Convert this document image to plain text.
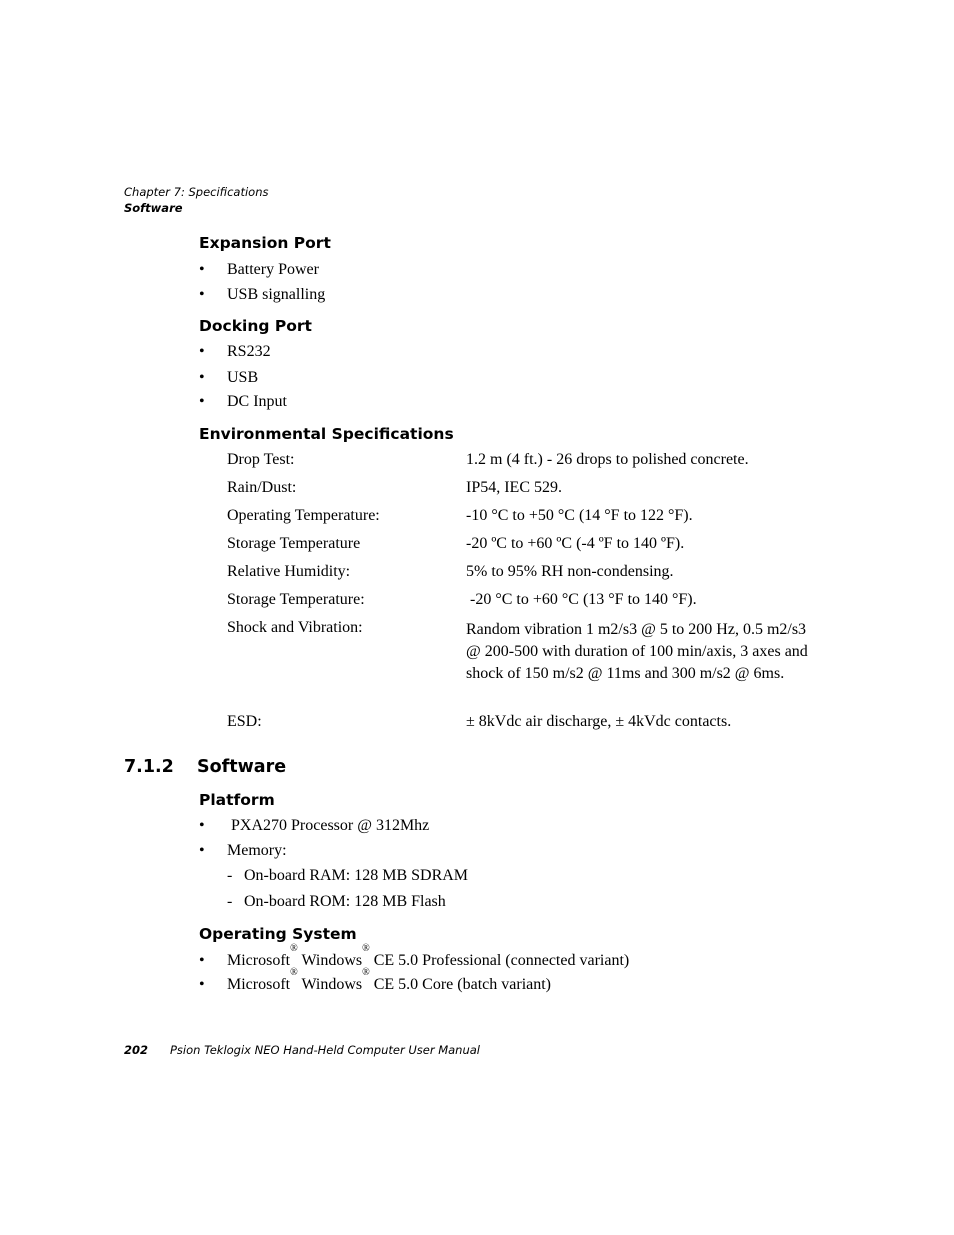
Chapter 7: Specifications
Software
Expansion Port
• Battery Power
• USB signalling
Docking Port
• RS232
• USB
• DC Input
Environmental Specifications
Drop Test:	1.2 m (4 ft.) - 26 drops to polished concrete.
Rain/Dust:	IP54, IEC 529.
Operating Temperature:	-10 °C to +50 °C (14 °F to 122 °F).
Storage Temperature	-20 ºC to +60 ºC (-4 ºF to 140 ºF).
Relative Humidity:	5% to 95% RH non-condensing.
Storage Temperature:	-20 °C to +60 °C (13 °F to 140 °F).
Shock and Vibration:	Random vibration 1 m2/s3 @ 5 to 200 Hz, 0.5 m2/s3 @ 200-500 with duration of 100 min/axis, 3 axes and shock of 150 m/s2 @ 11ms and 300 m/s2 @ 6ms.
ESD:	± 8kVdc air discharge, ± 4kVdc contacts.
7.1.2 Software
Platform
• PXA270 Processor @ 312Mhz
• Memory:
- On-board RAM: 128 MB SDRAM
- On-board ROM: 128 MB Flash
Operating System
• Microsoft® Windows® CE 5.0 Professional (connected variant)
• Microsoft® Windows® CE 5.0 Core (batch variant)
202 Psion Teklogix NEO Hand-Held Computer User Manual
